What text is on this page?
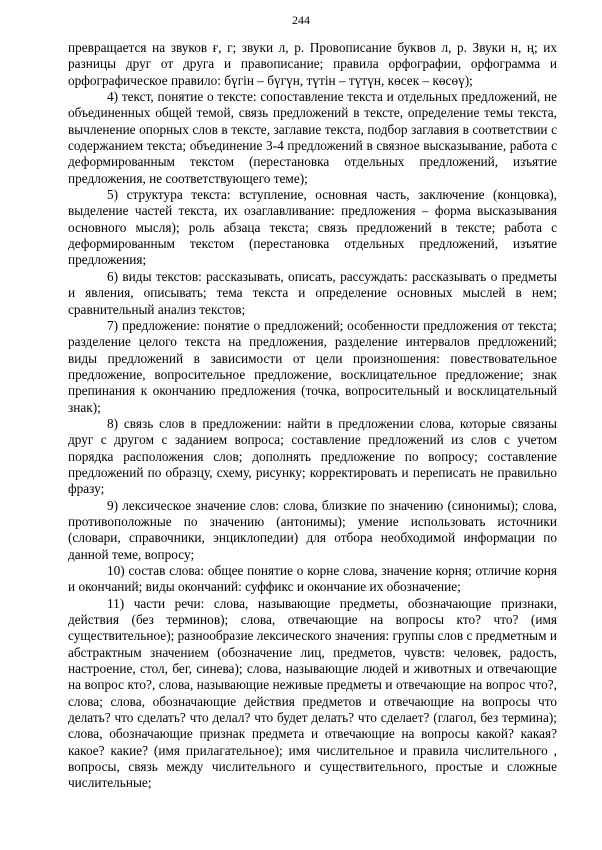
244

превращается на звуков ғ, г; звуки л, р. Провописание буквов л, р. Звуки н, ң; их разницы друг от друга и правописание; правила орфографии, орфограмма и орфографическое правило: бүгін – бүгүн, түтін – түтүн, көсек – көсөү);

4) текст, понятие о тексте: сопоставление текста и отдельных предложений, не объединенных общей темой, связь предложений в тексте, определение темы текста, вычленение опорных слов в тексте, заглавие текста, подбор заглавия в соответствии с содержанием текста; объединение 3-4 предложений в связное высказывание, работа с деформированным текстом (перестановка отдельных предложений, изъятие предложения, не соответствующего теме);

5) структура текста: вступление, основная часть, заключение (концовка), выделение частей текста, их озаглавливание: предложения – форма высказывания основного мысля); роль абзаца текста; связь предложений в тексте; работа с деформированным текстом (перестановка отдельных предложений, изъятие предложения;

6) виды текстов: рассказывать, описать, рассуждать: рассказывать о предметы и явления, описывать; тема текста и определение основных мыслей в нем; сравнительный анализ текстов;

7) предложение: понятие о предложений; особенности предложения от текста; разделение целого текста на предложения, разделение интервалов предложений; виды предложений в зависимости от цели произношения: повествовательное предложение, вопросительное предложение, восклицательное предложение; знак препинания к окончанию предложения (точка, вопросительный и восклицательный знак);

8) связь слов в предложении: найти в предложении слова, которые связаны друг с другом с заданием вопроса; составление предложений из слов с учетом порядка расположения слов; дополнять предложение по вопросу; составление предложений по образцу, схему, рисунку; корректировать и переписать не правильно фразу;

9) лексическое значение слов: слова, близкие по значению (синонимы); слова, противоположные по значению (антонимы); умение использовать источники (словари, справочники, энциклопедии) для отбора необходимой информации по данной теме, вопросу;

10) состав слова: общее понятие о корне слова, значение корня; отличие корня и окончаний; виды окончаний: суффикс и окончание их обозначение;

11) части речи: слова, называющие предметы, обозначающие признаки, действия (без терминов); слова, отвечающие на вопросы кто? что? (имя существительное); разнообразие лексического значения: группы слов с предметным и абстрактным значением (обозначение лиц, предметов, чувств: человек, радость, настроение, стол, бег, синева); слова, называющие людей и животных и отвечающие на вопрос кто?, слова, называющие неживые предметы и отвечающие на вопрос что?, слова; слова, обозначающие действия предметов и отвечающие на вопросы что делать? что сделать? что делал? что будет делать? что сделает? (глагол, без термина); слова, обозначающие признак предмета и отвечающие на вопросы какой? какая? какое? какие? (имя прилагательное); имя числительное и правила числительного , вопросы, связь между числительного и существительного, простые и сложные числительные;
